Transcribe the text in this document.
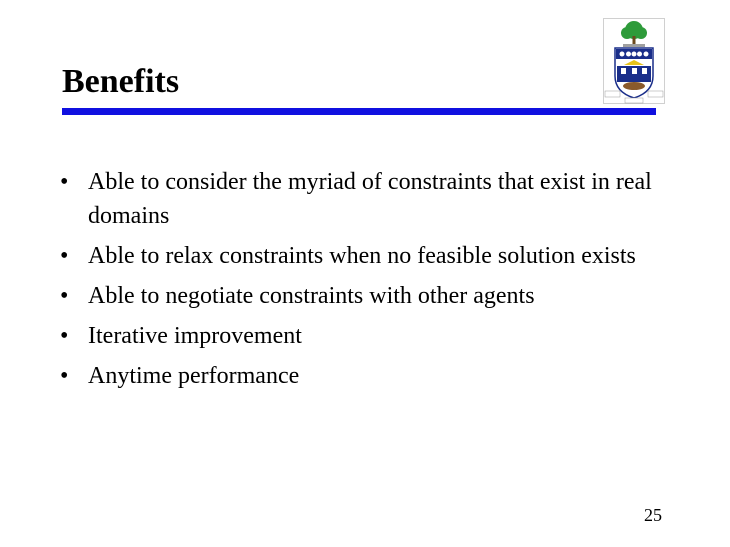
Benefits
• Able to consider the myriad of constraints that exist in real domains
• Able to relax constraints when no feasible solution exists
• Able to negotiate constraints with other agents
• Iterative improvement
• Anytime performance
25
